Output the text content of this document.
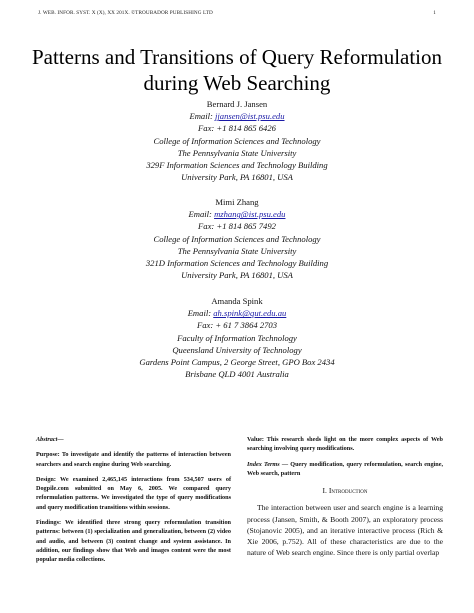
J. WEB. INFOR. SYST. X (X), XX 201X. ©TROUBADOR PUBLISHING LTD	1
Patterns and Transitions of Query Reformulation
during Web Searching
Bernard J. Jansen
Email: jjansen@ist.psu.edu
Fax: +1 814 865 6426
College of Information Sciences and Technology
The Pennsylvania State University
329F Information Sciences and Technology Building
University Park, PA 16801, USA
Mimi Zhang
Email: mzhang@ist.psu.edu
Fax: +1 814 865 7492
College of Information Sciences and Technology
The Pennsylvania State University
321D Information Sciences and Technology Building
University Park, PA 16801, USA
Amanda Spink
Email: ah.spink@qut.edu.au
Fax: + 61 7 3864 2703
Faculty of Information Technology
Queensland University of Technology
Gardens Point Campus, 2 George Street, GPO Box 2434
Brisbane QLD 4001 Australia

Abstract—

Purpose: To investigate and identify the patterns of interaction between searchers and search engine during Web searching.

Design: We examined 2,465,145 interactions from 534,507 users of Dogpile.com submitted on May 6, 2005. We compared query reformulation patterns. We investigated the type of query modifications and query modification transitions within sessions.

Findings: We identified three strong query reformulation transition patterns: between (1) specialization and generalization, between (2) video and audio, and between (3) content change and system assistance. In addition, our findings show that Web and images content were the most popular media collections.

Value: This research sheds light on the more complex aspects of Web searching involving query modifications.

Index Terms — Query modification, query reformulation, search engine, Web search, pattern

I. Introduction

The interaction between user and search engine is a learning process (Jansen, Smith, & Booth 2007), an exploratory process (Stojanovic 2005), and an iterative interactive process (Rich & Xie 2006, p.752). All of these characteristics are due to the nature of Web search engine. Since there is only partial overlap
